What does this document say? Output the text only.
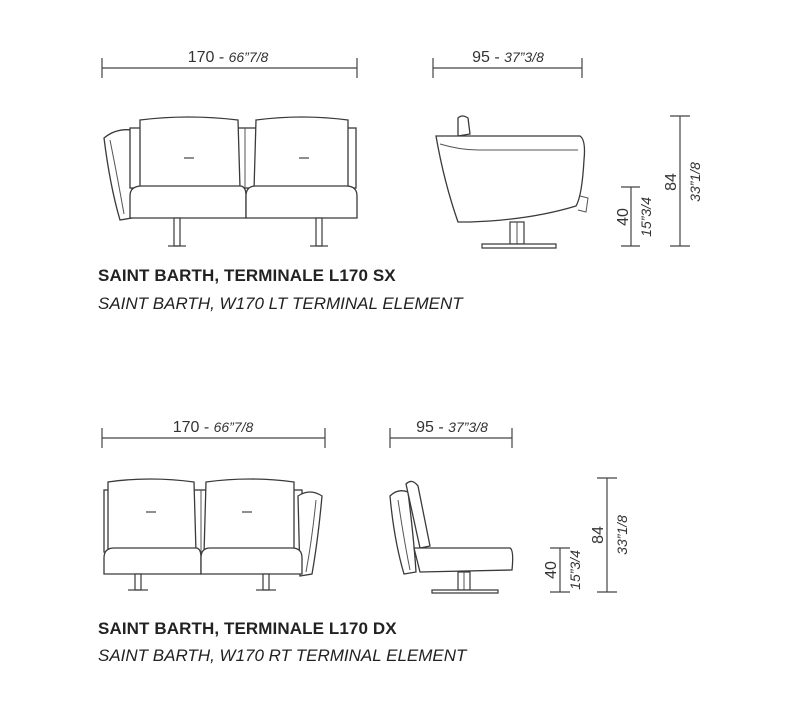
170 - 66”7/8	95 - 37”3/8
40 15”3/4
84 33”1/8
170 - 66”7/8	95 - 37”3/8
40 15”3/4
84 33”1/8
SAINT BARTH, TERMINALE L170 SX
SAINT BARTH, W170 LT TERMINAL ELEMENT
SAINT BARTH, TERMINALE L170 DX
SAINT BARTH, W170 RT TERMINAL ELEMENT
